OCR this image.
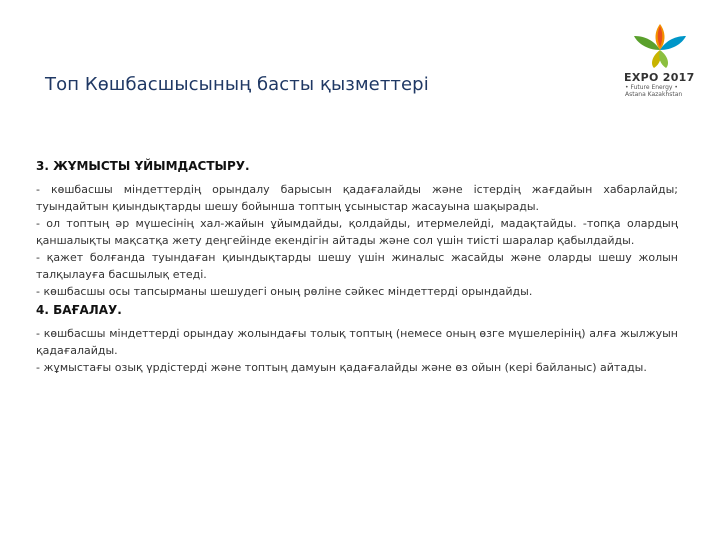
Топ Көшбасшысының басты қызметтері	EXPO 2017
• Future Energy •
Astana Kazakhstan
3. ЖҰМЫСТЫ ҰЙЫМДАСТЫРУ.

- көшбасшы міндеттердің орындалу барысын қадағалайды және істердің жағдайын хабарлайды; туындайтын қиындықтарды шешу бойынша топтың ұсыныстар жасауына шақырады.

- ол топтың әр мүшесінің хал-жайын ұйымдайды, қолдайды, итермелейді, мадақтайды. -топқа олардың қаншалықты мақсатқа жету деңгейінде екендігін айтады және сол үшін тиісті шаралар қабылдайды.

- қажет болғанда туындаған қиындықтарды шешу үшін жиналыс жасайды және оларды шешу жолын талқылауға басшылық етеді.

- көшбасшы осы тапсырманы шешудегі оның рөліне сәйкес міндеттерді орындайды.

4. БАҒАЛАУ.

- көшбасшы міндеттерді орындау жолындағы толық топтың (немесе оның өзге мүшелерінің) алға жылжуын қадағалайды.

- жұмыстағы озық үрдістерді және топтың дамуын қадағалайды және өз ойын (кері байланыс) айтады.
